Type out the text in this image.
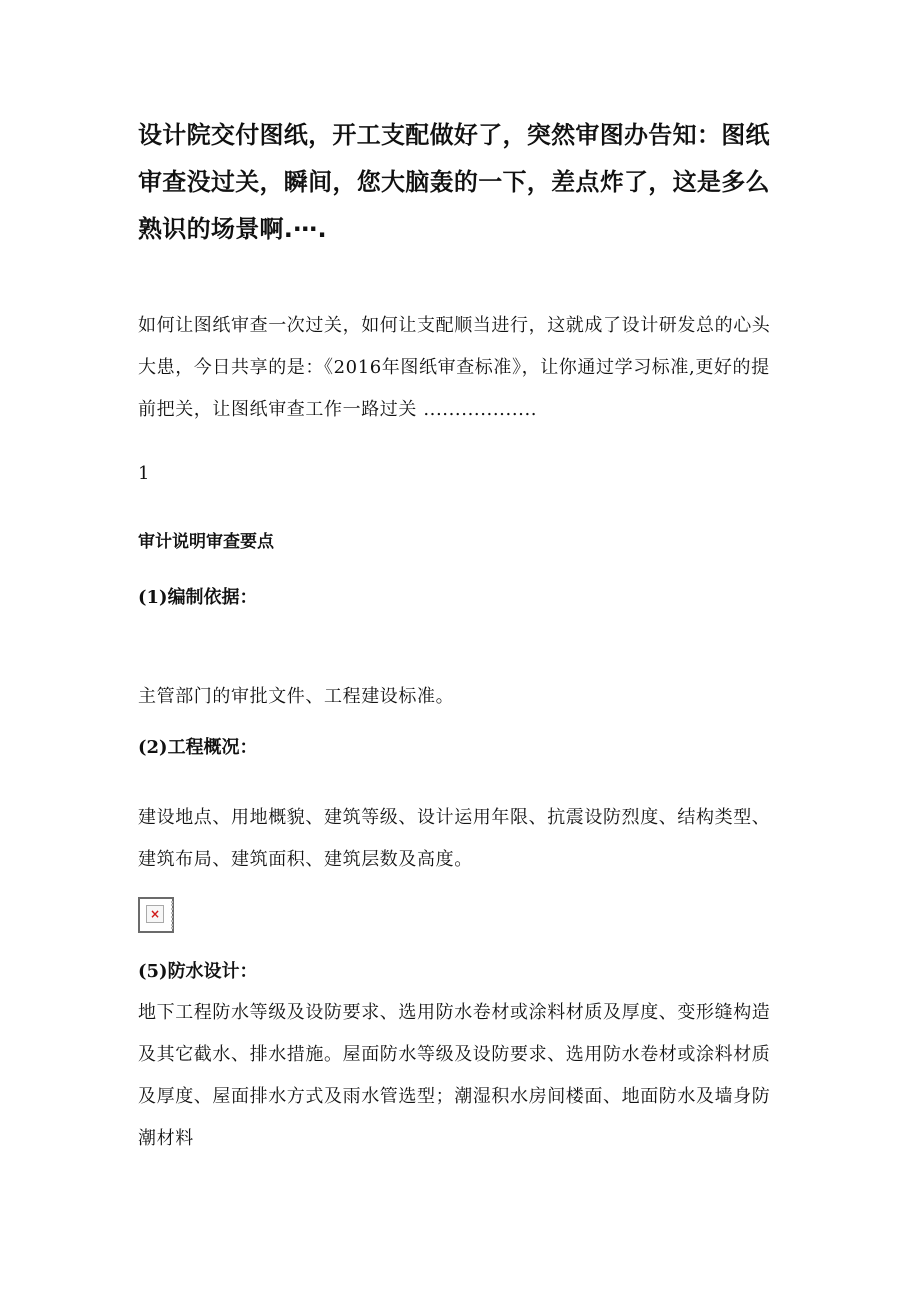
设计院交付图纸，开工支配做好了，突然审图办告知：图纸审查没过关，瞬间，您大脑轰的一下，差点炸了，这是多么熟识的场景啊.⋯.

如何让图纸审查一次过关，如何让支配顺当进行，这就成了设计研发总的心头大患，今日共享的是：《2016年图纸审查标准》，让你通过学习标准,更好的提前把关，让图纸审查工作一路过关 ..................

1
审计说明审查要点
(1)编制依据：

主管部门的审批文件、工程建设标准。

(2)工程概况：

建设地点、用地概貌、建筑等级、设计运用年限、抗震设防烈度、结构类型、建筑布局、建筑面积、建筑层数及高度。

×
(5)防水设计：

地下工程防水等级及设防要求、选用防水卷材或涂料材质及厚度、变形缝构造及其它截水、排水措施。屋面防水等级及设防要求、选用防水卷材或涂料材质及厚度、屋面排水方式及雨水管选型；潮湿积水房间楼面、地面防水及墙身防潮材料
